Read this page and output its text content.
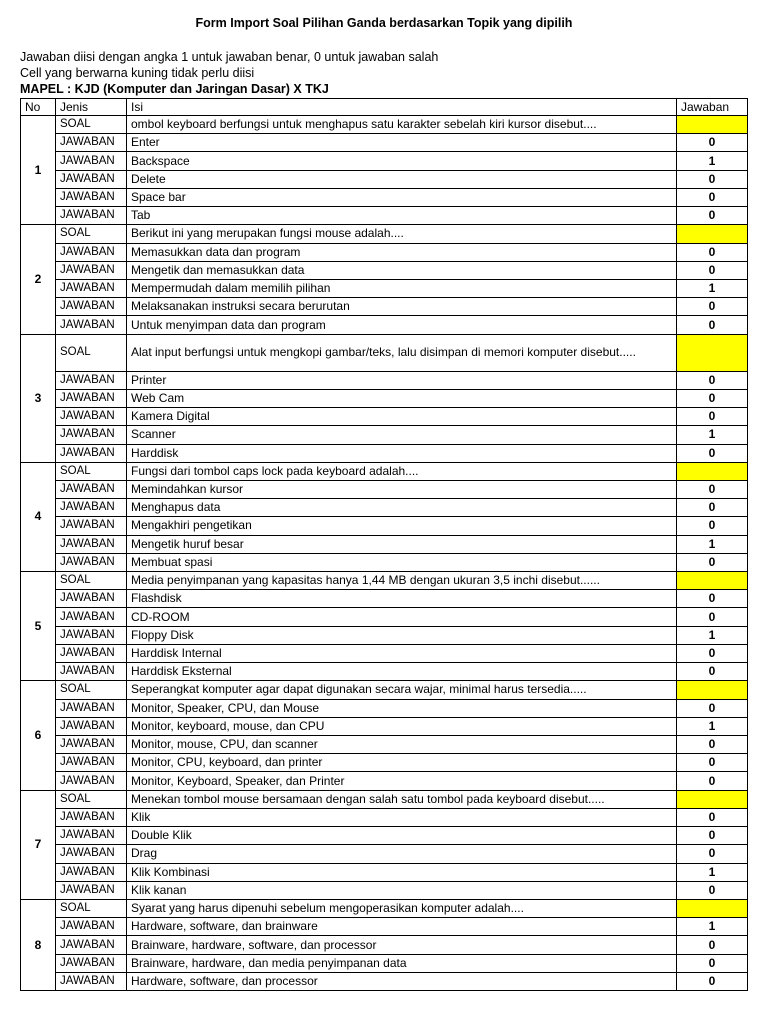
Form Import Soal Pilihan Ganda berdasarkan Topik yang dipilih
Jawaban diisi dengan angka 1 untuk jawaban benar, 0 untuk jawaban salah
Cell yang berwarna kuning tidak perlu diisi
MAPEL : KJD (Komputer dan Jaringan Dasar) X TKJ
No	Jenis	Isi	Jawaban
1	SOAL	ombol keyboard berfungsi untuk menghapus satu karakter sebelah kiri kursor disebut....	
	JAWABAN	Enter	0
	JAWABAN	Backspace	1
	JAWABAN	Delete	0
	JAWABAN	Space bar	0
	JAWABAN	Tab	0
2	SOAL	Berikut ini yang merupakan fungsi mouse adalah....	
	JAWABAN	Memasukkan data dan program	0
	JAWABAN	Mengetik dan memasukkan data	0
	JAWABAN	Mempermudah dalam memilih pilihan	1
	JAWABAN	Melaksanakan instruksi secara berurutan	0
	JAWABAN	Untuk menyimpan data dan program	0
3	SOAL	Alat input berfungsi untuk mengkopi gambar/teks, lalu disimpan di memori komputer disebut.....	
	JAWABAN	Printer	0
	JAWABAN	Web Cam	0
	JAWABAN	Kamera Digital	0
	JAWABAN	Scanner	1
	JAWABAN	Harddisk	0
4	SOAL	Fungsi dari tombol caps lock pada keyboard adalah....	
	JAWABAN	Memindahkan kursor	0
	JAWABAN	Menghapus data	0
	JAWABAN	Mengakhiri pengetikan	0
	JAWABAN	Mengetik huruf besar	1
	JAWABAN	Membuat spasi	0
5	SOAL	Media penyimpanan yang kapasitas hanya 1,44 MB dengan ukuran 3,5 inchi disebut......	
	JAWABAN	Flashdisk	0
	JAWABAN	CD-ROOM	0
	JAWABAN	Floppy Disk	1
	JAWABAN	Harddisk Internal	0
	JAWABAN	Harddisk Eksternal	0
6	SOAL	Seperangkat komputer agar dapat digunakan secara wajar, minimal harus tersedia.....	
	JAWABAN	Monitor, Speaker, CPU, dan Mouse	0
	JAWABAN	Monitor, keyboard, mouse, dan CPU	1
	JAWABAN	Monitor, mouse, CPU, dan scanner	0
	JAWABAN	Monitor, CPU, keyboard, dan printer	0
	JAWABAN	Monitor, Keyboard, Speaker, dan Printer	0
7	SOAL	Menekan tombol mouse bersamaan dengan salah satu tombol pada keyboard disebut.....	
	JAWABAN	Klik	0
	JAWABAN	Double Klik	0
	JAWABAN	Drag	0
	JAWABAN	Klik Kombinasi	1
	JAWABAN	Klik kanan	0
8	SOAL	Syarat yang harus dipenuhi sebelum mengoperasikan komputer adalah....	
	JAWABAN	Hardware, software, dan brainware	1
	JAWABAN	Brainware, hardware, software, dan processor	0
	JAWABAN	Brainware, hardware, dan media penyimpanan data	0
	JAWABAN	Hardware, software, dan processor	0
